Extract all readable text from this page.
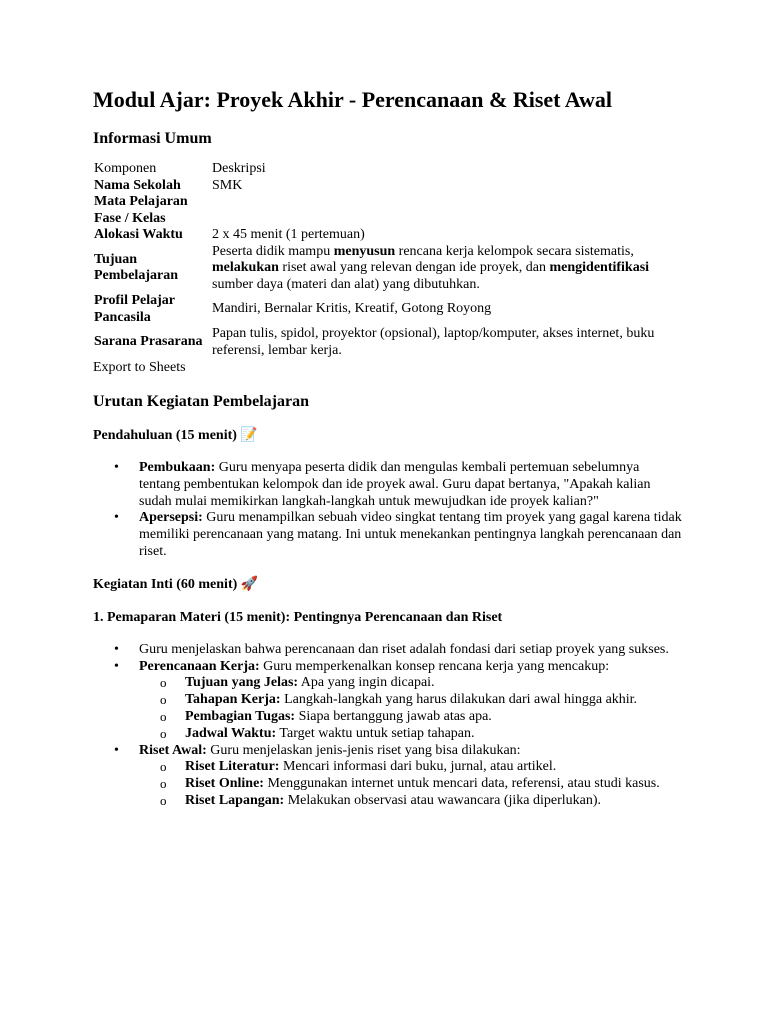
Modul Ajar: Proyek Akhir - Perencanaan & Riset Awal
Informasi Umum
Komponen	Deskripsi
Nama Sekolah	SMK
Mata Pelajaran	
Fase / Kelas	
Alokasi Waktu	2 x 45 menit (1 pertemuan)
Tujuan Pembelajaran	Peserta didik mampu menyusun rencana kerja kelompok secara sistematis, melakukan riset awal yang relevan dengan ide proyek, dan mengidentifikasi sumber daya (materi dan alat) yang dibutuhkan.
Profil Pelajar Pancasila	Mandiri, Bernalar Kritis, Kreatif, Gotong Royong
Sarana Prasarana	Papan tulis, spidol, proyektor (opsional), laptop/komputer, akses internet, buku referensi, lembar kerja.
Export to Sheets
Urutan Kegiatan Pembelajaran
Pendahuluan (15 menit) 📝
• Pembukaan: Guru menyapa peserta didik dan mengulas kembali pertemuan sebelumnya tentang pembentukan kelompok dan ide proyek awal. Guru dapat bertanya, "Apakah kalian sudah mulai memikirkan langkah-langkah untuk mewujudkan ide proyek kalian?"
• Apersepsi: Guru menampilkan sebuah video singkat tentang tim proyek yang gagal karena tidak memiliki perencanaan yang matang. Ini untuk menekankan pentingnya langkah perencanaan dan riset.
Kegiatan Inti (60 menit) 🚀
1. Pemaparan Materi (15 menit): Pentingnya Perencanaan dan Riset
• Guru menjelaskan bahwa perencanaan dan riset adalah fondasi dari setiap proyek yang sukses.
• Perencanaan Kerja: Guru memperkenalkan konsep rencana kerja yang mencakup:
o Tujuan yang Jelas: Apa yang ingin dicapai.
o Tahapan Kerja: Langkah-langkah yang harus dilakukan dari awal hingga akhir.
o Pembagian Tugas: Siapa bertanggung jawab atas apa.
o Jadwal Waktu: Target waktu untuk setiap tahapan.
• Riset Awal: Guru menjelaskan jenis-jenis riset yang bisa dilakukan:
o Riset Literatur: Mencari informasi dari buku, jurnal, atau artikel.
o Riset Online: Menggunakan internet untuk mencari data, referensi, atau studi kasus.
o Riset Lapangan: Melakukan observasi atau wawancara (jika diperlukan).
